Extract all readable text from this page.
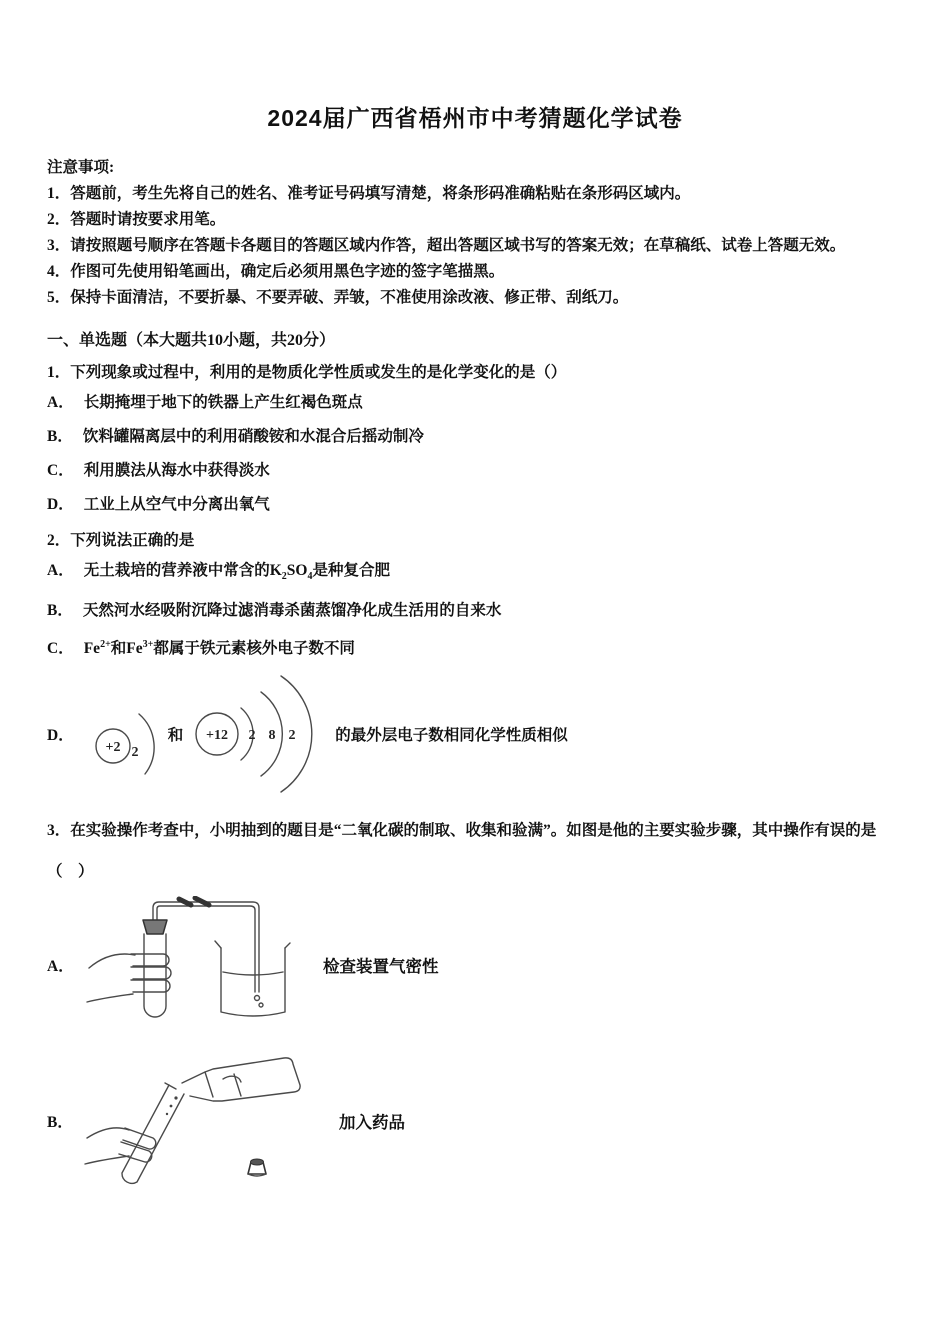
2024届广西省梧州市中考猜题化学试卷
注意事项:
1．答题前，考生先将自己的姓名、准考证号码填写清楚，将条形码准确粘贴在条形码区域内。
2．答题时请按要求用笔。
3．请按照题号顺序在答题卡各题目的答题区域内作答，超出答题区域书写的答案无效；在草稿纸、试卷上答题无效。
4．作图可先使用铅笔画出，确定后必须用黑色字迹的签字笔描黑。
5．保持卡面清洁，不要折暴、不要弄破、弄皱，不准使用涂改液、修正带、刮纸刀。
一、单选题（本大题共10小题，共20分）
1．下列现象或过程中，利用的是物质化学性质或发生的是化学变化的是（）
A． 长期掩埋于地下的铁器上产生红褐色斑点
B． 饮料罐隔离层中的利用硝酸铵和水混合后摇动制冷
C． 利用膜法从海水中获得淡水
D． 工业上从空气中分离出氧气
2．下列说法正确的是
A． 无土栽培的营养液中常含的$K_2SO_4$是种复合肥
B． 天然河水经吸附沉降过滤消毒杀菌蒸馏净化成生活用的自来水
C． $Fe^{2+}$和$Fe^{3+}$都属于铁元素核外电子数不同
D．
+2 2
和 +12 2 8 2	的最外层电子数相同化学性质相似
3．在实验操作考查中，小明抽到的题目是“二氧化碳的制取、收集和验满”。如图是他的主要实验步骤，其中操作有误的是（　）
A．	检查装置气密性
B．	加入药品
